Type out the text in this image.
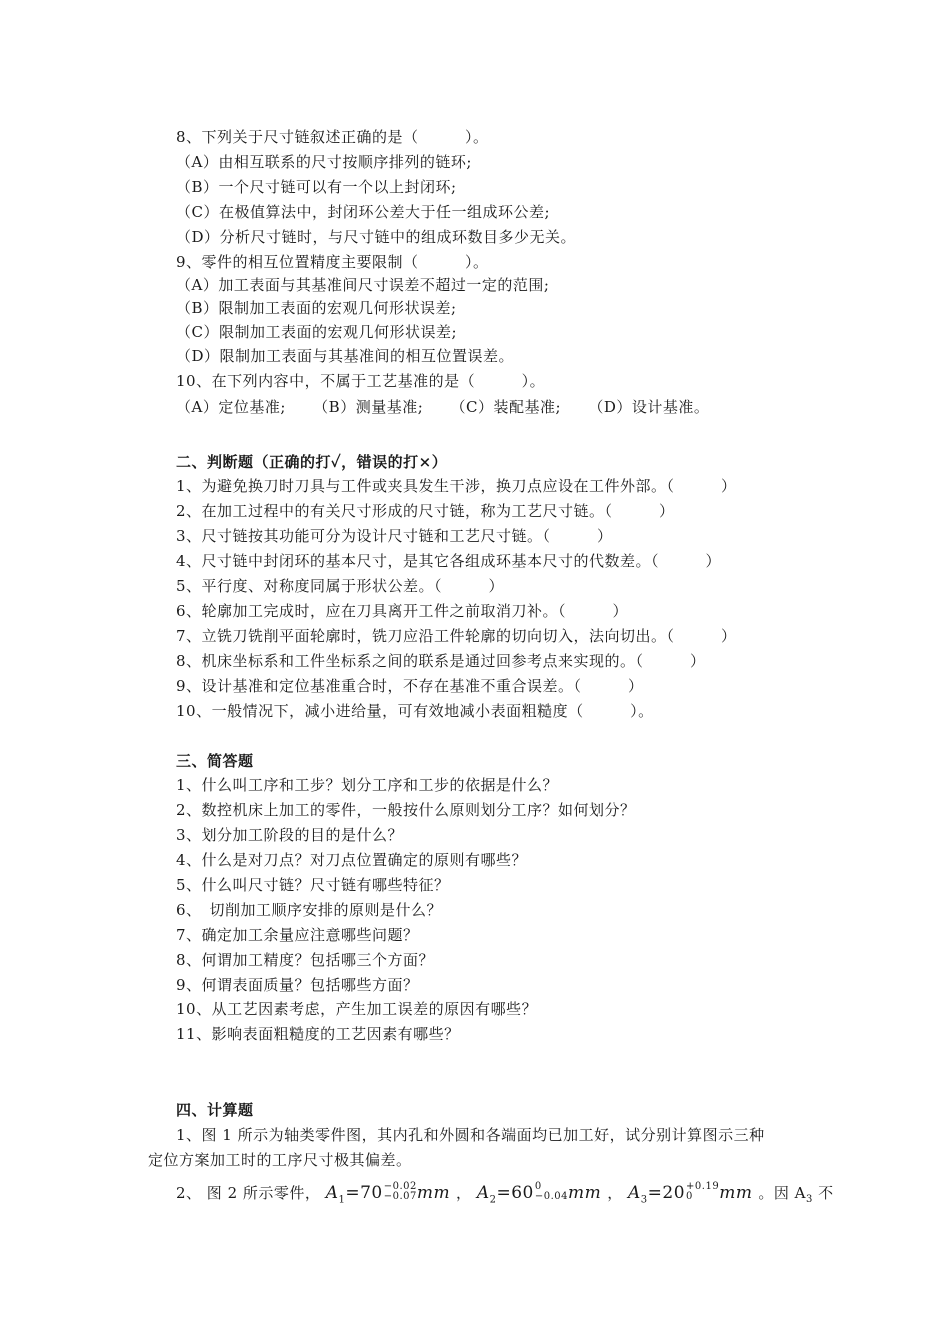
8、下列关于尺寸链叙述正确的是（　　　）。
（A）由相互联系的尺寸按顺序排列的链环;
（B）一个尺寸链可以有一个以上封闭环;
（C）在极值算法中，封闭环公差大于任一组成环公差;
（D）分析尺寸链时，与尺寸链中的组成环数目多少无关。
9、零件的相互位置精度主要限制（　　　）。
（A）加工表面与其基准间尺寸误差不超过一定的范围;
（B）限制加工表面的宏观几何形状误差;
（C）限制加工表面的宏观几何形状误差;
（D）限制加工表面与其基准间的相互位置误差。
10、在下列内容中，不属于工艺基准的是（　　　）。
（A）定位基准; （B）测量基准; （C）装配基准; （D）设计基准。
二、判断题（正确的打✓，错误的打×）
1、为避免换刀时刀具与工件或夹具发生干涉，换刀点应设在工件外部。（　　　）
2、在加工过程中的有关尺寸形成的尺寸链，称为工艺尺寸链。（　　　）
3、尺寸链按其功能可分为设计尺寸链和工艺尺寸链。（　　　）
4、尺寸链中封闭环的基本尺寸，是其它各组成环基本尺寸的代数差。（　　　）
5、平行度、对称度同属于形状公差。（　　　）
6、轮廓加工完成时，应在刀具离开工件之前取消刀补。（　　　）
7、立铣刀铣削平面轮廓时，铣刀应沿工件轮廓的切向切入，法向切出。（　　　）
8、机床坐标系和工件坐标系之间的联系是通过回参考点来实现的。（　　　）
9、设计基准和定位基准重合时，不存在基准不重合误差。（　　　）
10、一般情况下，减小进给量，可有效地减小表面粗糙度（　　　）。
三、简答题
1、什么叫工序和工步？划分工序和工步的依据是什么？
2、数控机床上加工的零件，一般按什么原则划分工序？如何划分？
3、划分加工阶段的目的是什么？
4、什么是对刀点？对刀点位置确定的原则有哪些？
5、什么叫尺寸链？尺寸链有哪些特征？
6、　切削加工顺序安排的原则是什么？
7、确定加工余量应注意哪些问题？
8、何谓加工精度？包括哪三个方面？
9、何谓表面质量？包括哪些方面？
10、从工艺因素考虑，产生加工误差的原因有哪些？
11、影响表面粗糙度的工艺因素有哪些？
四、计算题
1、图 1 所示为轴类零件图，其内孔和外圆和各端面均已加工好，试分别计算图示三种
定位方案加工时的工序尺寸极其偏差。
2、 图 2 所示零件， $A_1=70 -0.02$
−0.07 mm ， $A_2=60$ 0
−0.04 mm ， $A_3=20 +0.19$
0	mm 。因 $A_3$ 不
